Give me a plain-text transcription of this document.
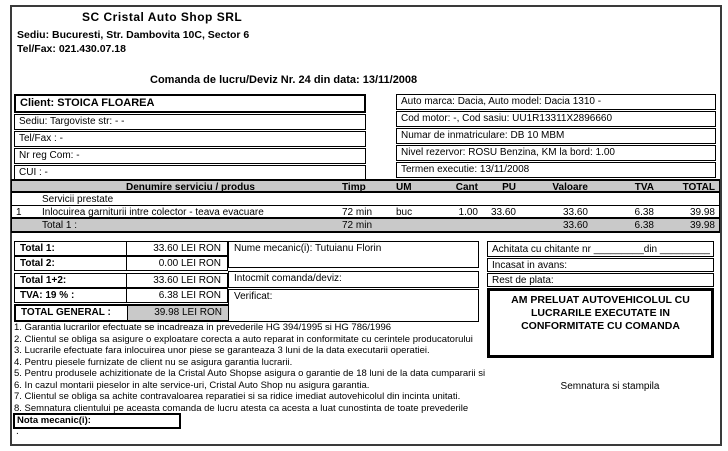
SC Cristal Auto Shop SRL
Sediu: Bucuresti, Str. Dambovita 10C, Sector 6
Tel/Fax: 021.430.07.18
Comanda de lucru/Deviz Nr. 24 din data: 13/11/2008
Client: STOICA FLOAREA
Sediu: Targoviste str: - -
Tel/Fax : -
Nr reg Com: -
CUI : -
Auto marca: Dacia, Auto model: Dacia 1310 -
Cod motor: -, Cod sasiu: UU1R13311X2896660
Numar de inmatriculare: DB 10 MBM
Nivel rezervor: ROSU Benzina, KM la bord: 1.00
Termen executie: 13/11/2008
Denumire serviciu / produs	Timp	UM	Cant	PU	Valoare	TVA	TOTAL
Servicii prestate
1	Inlocuirea garniturii intre colector - teava evacuare	72 min	buc	1.00	33.60	33.60	6.38	39.98
Total 1 :	72 min	33.60	6.38	39.98
Total 1:	33.60 LEI RON
Total 2:	0.00 LEI RON
Total 1+2:	33.60 LEI RON
TVA: 19 % :	6.38 LEI RON
TOTAL GENERAL :	39.98 LEI RON
Nume mecanic(i): Tutuianu Florin
Intocmit comanda/deviz:
Verificat:
Achitata cu chitante nr _________din _________
Incasat in avans:
Rest de plata:
AM PRELUAT AUTOVEHICOLUL CU LUCRARILE EXECUTATE IN CONFORMITATE CU COMANDA
Semnatura si stampila
1. Garantia lucrarilor efectuate se incadreaza in prevederile HG 394/1995 si HG 786/1996
2. Clientul se obliga sa asigure o exploatare corecta a auto reparat in conformitate cu cerintele producatorului
3. Lucrarile efectuate fara inlocuirea unor piese se garanteaza 3 luni de la data executarii operatiei.
4. Pentru piesele furnizate de client nu se asigura garantia lucrarii.
5. Pentru produsele achizitionate de la Cristal Auto Shopse asigura o garantie de 18 luni de la data cumpararii si
6. In cazul montarii pieselor in alte service-uri, Cristal Auto Shop nu asigura garantia.
7. Clientul se obliga sa achite contravaloarea reparatiei si sa ridice imediat autovehicolul din incinta unitati.
8. Semnatura clientului pe aceasta comanda de lucru atesta ca acesta a luat cunostinta de toate prevederile
Nota mecanic(i):
.
